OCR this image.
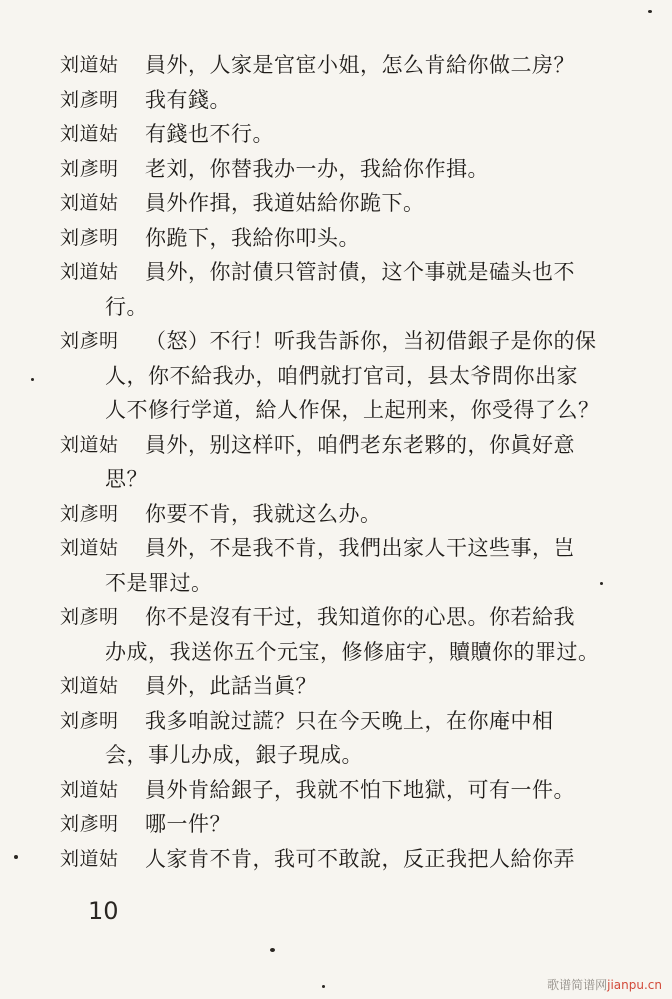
刘道姑	員外，人家是官宦小姐，怎么肯給你做二房？
刘彥明	我有錢。
刘道姑	有錢也不行。
刘彥明	老刘，你替我办一办，我給你作揖。
刘道姑	員外作揖，我道姑給你跪下。
刘彥明	你跪下，我給你叩头。
刘道姑	員外，你討債只管討債，这个事就是磕头也不
行。
刘彥明	（怒）不行！听我告訴你，当初借銀子是你的保
人，你不給我办，咱們就打官司，县太爷問你出家
人不修行学道，給人作保，上起刑来，你受得了么？
刘道姑	員外，别这样吓，咱們老东老夥的，你眞好意
思？
刘彥明	你要不肯，我就这么办。
刘道姑	員外，不是我不肯，我們出家人干这些事，岂
不是罪过。
刘彥明	你不是沒有干过，我知道你的心思。你若給我
办成，我送你五个元宝，修修庙宇，贖贖你的罪过。
刘道姑	員外，此話当眞？
刘彥明	我多咱說过謊？只在今天晚上，在你庵中相
会，事儿办成，銀子現成。
刘道姑	員外肯給銀子，我就不怕下地獄，可有一件。
刘彥明	哪一件？
刘道姑	人家肯不肯，我可不敢說，反正我把人給你弄
10
歌谱简谱网jianpu.cn
